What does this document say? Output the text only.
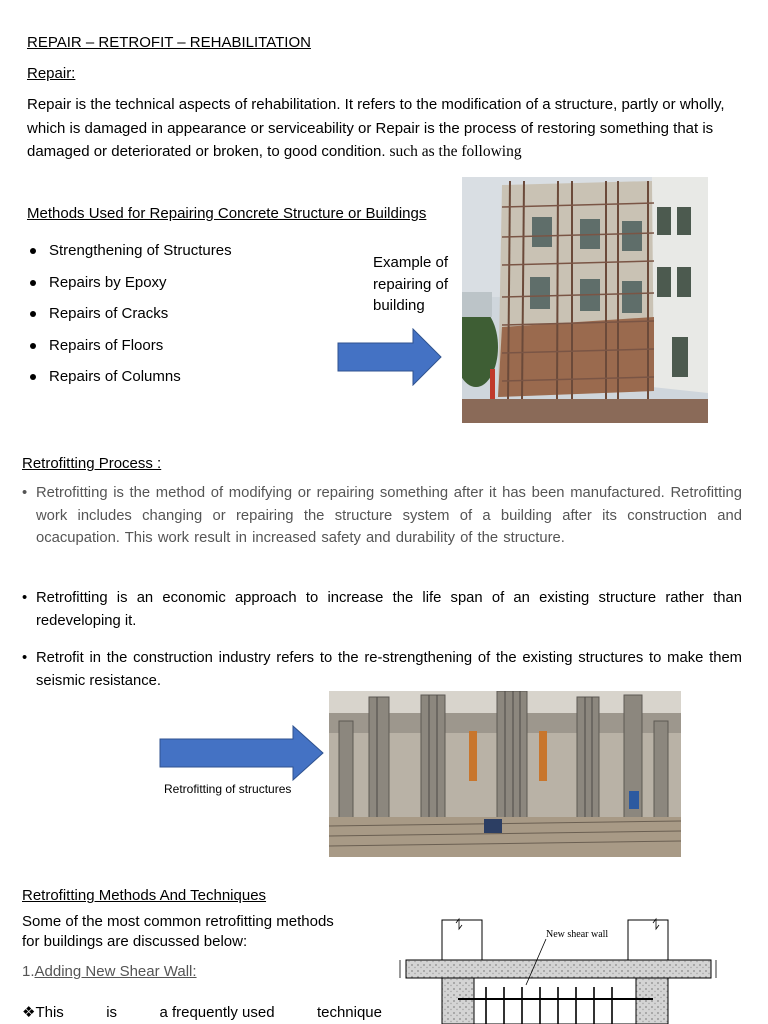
REPAIR – RETROFIT – REHABILITATION
Repair:

Repair is the technical aspects of rehabilitation. It refers to the modification of a structure, partly or wholly, which is damaged in appearance or serviceability or Repair is the process of restoring something that is damaged or deteriorated or broken, to good condition. such as the following

Methods Used for Repairing Concrete Structure or Buildings
Strengthening of Structures
Repairs by Epoxy
Repairs of Cracks
Repairs of Floors
Repairs of Columns
Example of
repairing of
building
Retrofitting Process :
• Retrofitting is the method of modifying or repairing something after it has been manufactured. Retrofitting work includes changing or repairing the structure system of a building after its construction and ocacupation. This work result in increased safety and durability of the structure.
• Retrofitting is an economic approach to increase the life span of an existing structure rather than redeveloping it.
• Retrofit in the construction industry refers to the re-strengthening of the existing structures to make them seismic resistance.
Retrofitting of structures
Retrofitting Methods And Techniques
Some of the most common retrofitting methods
for buildings are discussed below:
1.Adding New Shear Wall:
❖This	is	a frequently used	technique
New shear wall
